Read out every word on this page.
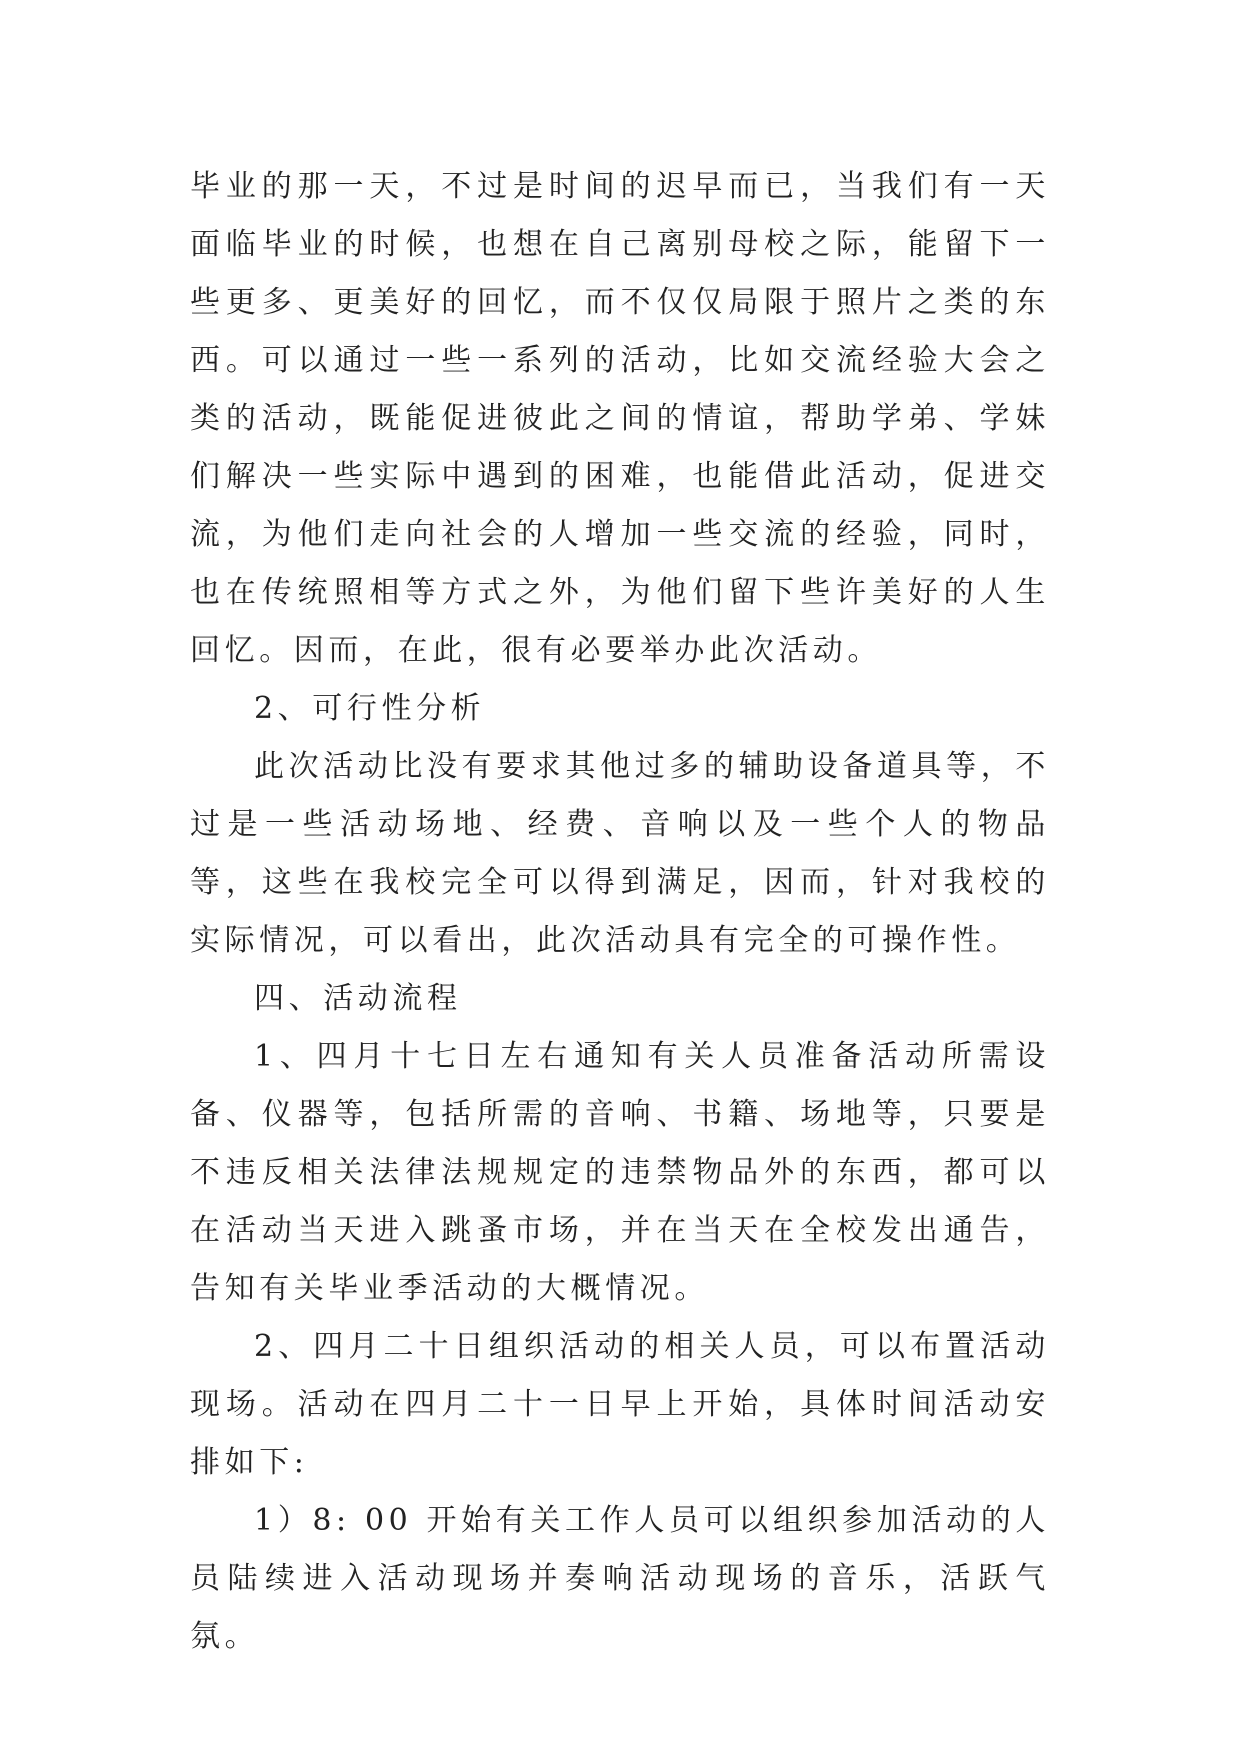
毕业的那一天，不过是时间的迟早而已，当我们有一天面临毕业的时候，也想在自己离别母校之际，能留下一些更多、更美好的回忆，而不仅仅局限于照片之类的东西。可以通过一些一系列的活动，比如交流经验大会之类的活动，既能促进彼此之间的情谊，帮助学弟、学妹们解决一些实际中遇到的困难，也能借此活动，促进交流，为他们走向社会的人增加一些交流的经验，同时，也在传统照相等方式之外，为他们留下些许美好的人生回忆。因而，在此，很有必要举办此次活动。

2、可行性分析

此次活动比没有要求其他过多的辅助设备道具等，不过是一些活动场地、经费、音响以及一些个人的物品等，这些在我校完全可以得到满足，因而，针对我校的实际情况，可以看出，此次活动具有完全的可操作性。

四、活动流程

1、四月十七日左右通知有关人员准备活动所需设备、仪器等，包括所需的音响、书籍、场地等，只要是不违反相关法律法规规定的违禁物品外的东西，都可以在活动当天进入跳蚤市场，并在当天在全校发出通告，告知有关毕业季活动的大概情况。

2、四月二十日组织活动的相关人员，可以布置活动现场。活动在四月二十一日早上开始，具体时间活动安排如下:

1）8: 00 开始有关工作人员可以组织参加活动的人员陆续进入活动现场并奏响活动现场的音乐，活跃气氛。
